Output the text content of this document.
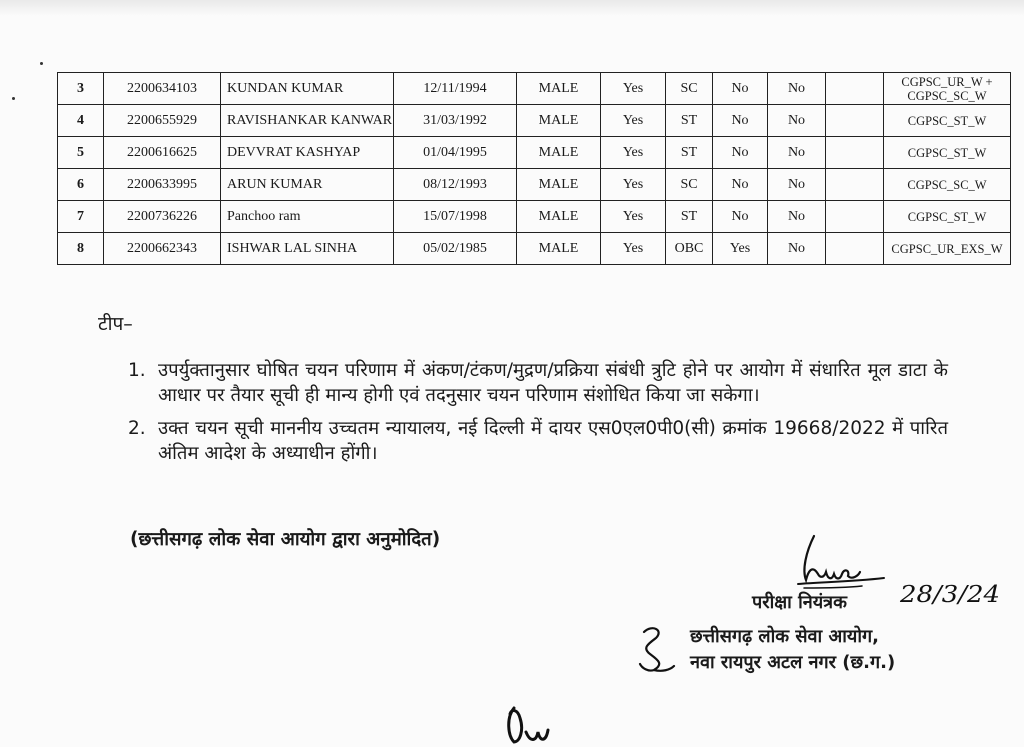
3	2200634103	KUNDAN KUMAR	12/11/1994	MALE	Yes	SC	No	No		CGPSC_UR_W +
CGPSC_SC_W

4	2200655929	RAVISHANKAR KANWAR	31/03/1992	MALE	Yes	ST	No	No		CGPSC_ST_W

5	2200616625	DEVVRAT KASHYAP	01/04/1995	MALE	Yes	ST	No	No		CGPSC_ST_W

6	2200633995	ARUN KUMAR	08/12/1993	MALE	Yes	SC	No	No		CGPSC_SC_W

7	2200736226	Panchoo ram	15/07/1998	MALE	Yes	ST	No	No		CGPSC_ST_W

8	2200662343	ISHWAR LAL SINHA	05/02/1985	MALE	Yes	OBC	Yes	No		CGPSC_UR_EXS_W
टीप–
1. उपर्युक्तानुसार घोषित चयन परिणाम में अंकण/टंकण/मुद्रण/प्रक्रिया संबंधी त्रुटि होने पर आयोग में संधारित मूल डाटा के आधार पर तैयार सूची ही मान्य होगी एवं तदनुसार चयन परिणाम संशोधित किया जा सकेगा।
2. उक्त चयन सूची माननीय उच्चतम न्यायालय, नई दिल्ली में दायर एस0एल0पी0(सी) क्रमांक 19668/2022 में पारित अंतिम आदेश के अध्याधीन होंगी।

(छत्तीसगढ़ लोक सेवा आयोग द्वारा अनुमोदित)

28/3/24

परीक्षा नियंत्रक

छत्तीसगढ़ लोक सेवा आयोग,

नवा रायपुर अटल नगर (छ.ग.)
